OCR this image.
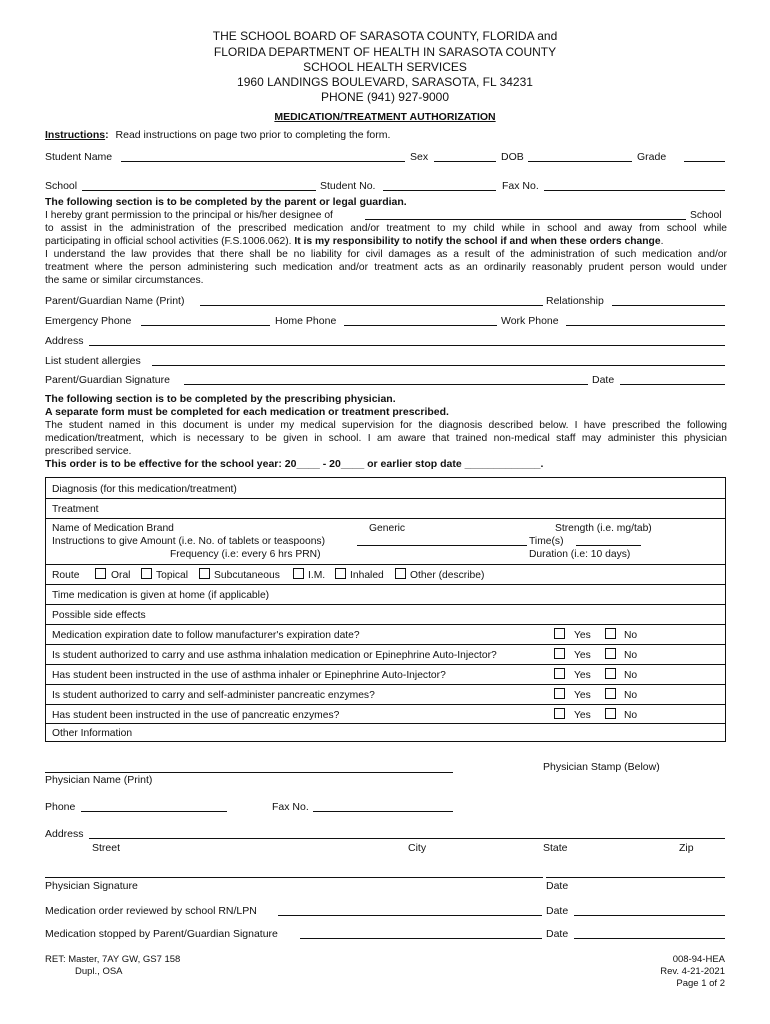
THE SCHOOL BOARD OF SARASOTA COUNTY, FLORIDA and
FLORIDA DEPARTMENT OF HEALTH IN SARASOTA COUNTY
SCHOOL HEALTH SERVICES
1960 LANDINGS BOULEVARD, SARASOTA, FL 34231
PHONE (941) 927-9000
MEDICATION/TREATMENT AUTHORIZATION
Instructions: Read instructions on page two prior to completing the form.
Student Name	Sex	DOB	Grade
School	Student No.	Fax No.
The following section is to be completed by the parent or legal guardian.
I hereby grant permission to the principal or his/her designee of	School
to assist in the administration of the prescribed medication and/or treatment to my child while in school and away from school while
participating in official school activities (F.S.1006.062). It is my responsibility to notify the school if and when these orders change.
I understand the law provides that there shall be no liability for civil damages as a result of the administration of such medication and/or
treatment where the person administering such medication and/or treatment acts as an ordinarily reasonably prudent person would under
the same or similar circumstances.
Parent/Guardian Name (Print)	Relationship
Emergency Phone	Home Phone	Work Phone
Address
List student allergies
Parent/Guardian Signature	Date
The following section is to be completed by the prescribing physician.
A separate form must be completed for each medication or treatment prescribed.
The student named in this document is under my medical supervision for the diagnosis described below. I have prescribed the following
medication/treatment, which is necessary to be given in school. I am aware that trained non-medical staff may administer this physician
prescribed service.
This order is to be effective for the school year: 20____ - 20____ or earlier stop date _____________.
Diagnosis (for this medication/treatment)
Treatment
Name of Medication Brand	Generic	Strength (i.e. mg/tab)
Instructions to give Amount (i.e. No. of tablets or teaspoons)	Time(s)
Frequency (i.e: every 6 hrs PRN)	Duration (i.e: 10 days)
Route	Oral Topical	Subcutaneous	I.M. Inhaled	Other (describe)
Time medication is given at home (if applicable)
Possible side effects
Medication expiration date to follow manufacturer's expiration date?	Yes	No
Is student authorized to carry and use asthma inhalation medication or Epinephrine Auto-Injector?	Yes	No
Has student been instructed in the use of asthma inhaler or Epinephrine Auto-Injector?	Yes	No
Is student authorized to carry and self-administer pancreatic enzymes?	Yes	No
Has student been instructed in the use of pancreatic enzymes?	Yes	No
Other Information
Physician Stamp (Below)
Physician Name (Print)
Phone	Fax No.
Address
Street	City	State	Zip
Physician Signature	Date
Medication order reviewed by school RN/LPN	Date
Medication stopped by Parent/Guardian Signature	Date
RET: Master, 7AY GW, GS7 158
Dupl., OSA
008-94-HEA
Rev. 4-21-2021
Page 1 of 2
